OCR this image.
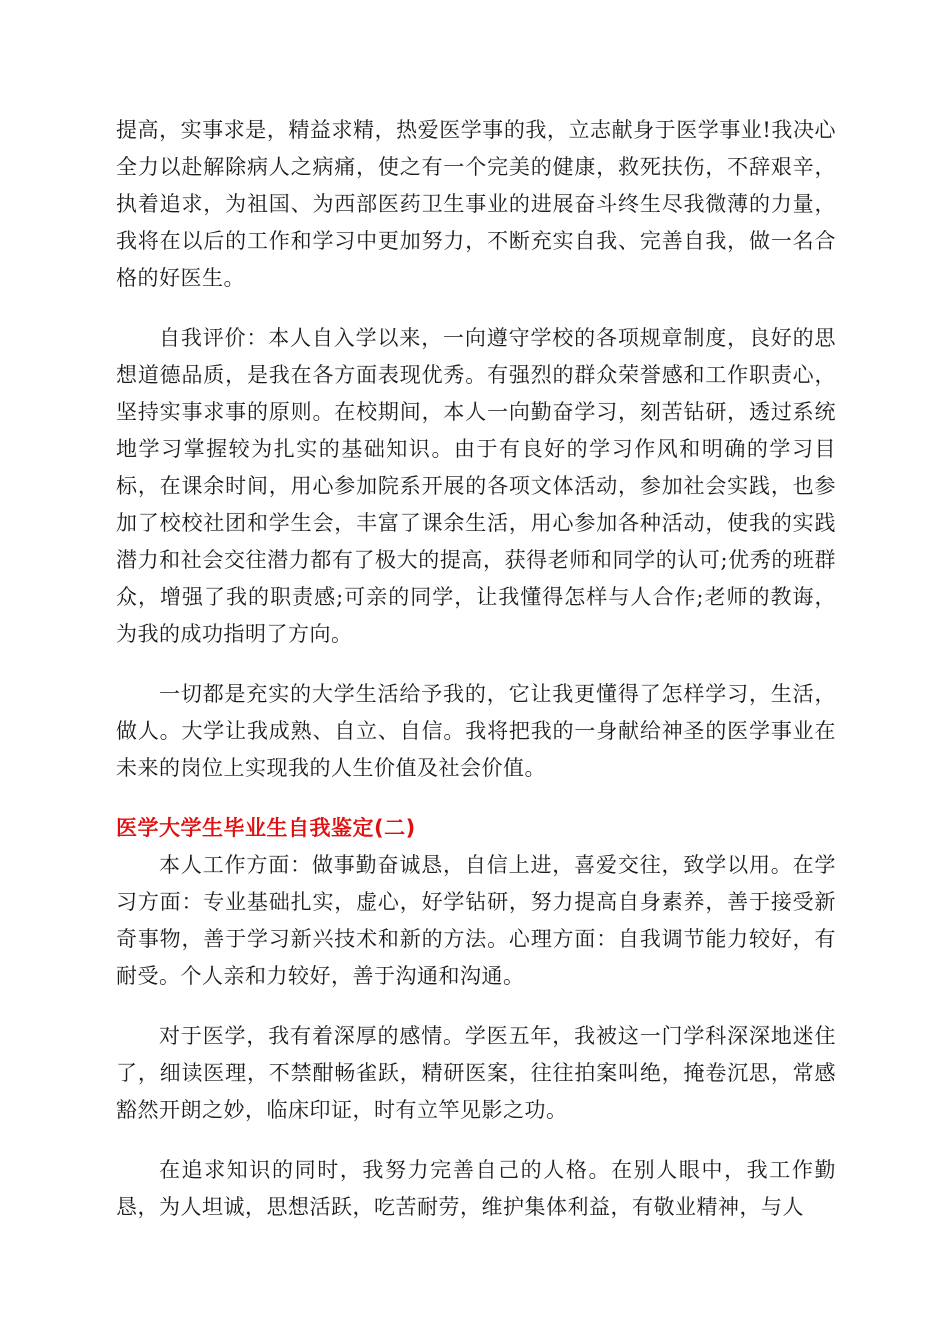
提高，实事求是，精益求精，热爱医学事的我，立志献身于医学事业!我决心全力以赴解除病人之病痛，使之有一个完美的健康，救死扶伤，不辞艰辛，执着追求，为祖国、为西部医药卫生事业的进展奋斗终生尽我微薄的力量，我将在以后的工作和学习中更加努力，不断充实自我、完善自我，做一名合格的好医生。

自我评价：本人自入学以来，一向遵守学校的各项规章制度，良好的思想道德品质，是我在各方面表现优秀。有强烈的群众荣誉感和工作职责心，坚持实事求事的原则。在校期间，本人一向勤奋学习，刻苦钻研，透过系统地学习掌握较为扎实的基础知识。由于有良好的学习作风和明确的学习目标，在课余时间，用心参加院系开展的各项文体活动，参加社会实践，也参加了校校社团和学生会，丰富了课余生活，用心参加各种活动，使我的实践潜力和社会交往潜力都有了极大的提高，获得老师和同学的认可;优秀的班群众，增强了我的职责感;可亲的同学，让我懂得怎样与人合作;老师的教诲，为我的成功指明了方向。

一切都是充实的大学生活给予我的，它让我更懂得了怎样学习，生活，做人。大学让我成熟、自立、自信。我将把我的一身献给神圣的医学事业在未来的岗位上实现我的人生价值及社会价值。

医学大学生毕业生自我鉴定(二)

本人工作方面：做事勤奋诚恳，自信上进，喜爱交往，致学以用。在学习方面：专业基础扎实，虚心，好学钻研，努力提高自身素养，善于接受新奇事物，善于学习新兴技术和新的方法。心理方面：自我调节能力较好，有耐受。个人亲和力较好，善于沟通和沟通。

对于医学，我有着深厚的感情。学医五年，我被这一门学科深深地迷住了，细读医理，不禁酣畅雀跃，精研医案，往往拍案叫绝，掩卷沉思，常感豁然开朗之妙，临床印证，时有立竿见影之功。

在追求知识的同时，我努力完善自己的人格。在别人眼中，我工作勤恳，为人坦诚，思想活跃，吃苦耐劳，维护集体利益，有敬业精神，与人
